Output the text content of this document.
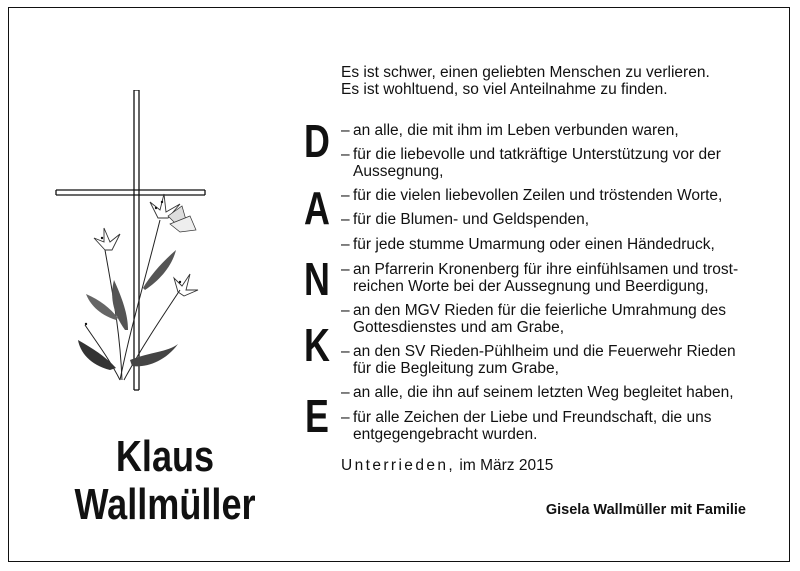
Klaus
Wallmüller
Es ist schwer, einen geliebten Menschen zu verlieren.
Es ist wohltuend, so viel Anteilnahme zu finden.
D
A
N
K
E
– an alle, die mit ihm im Leben verbunden waren,
– für die liebevolle und tatkräftige Unterstützung vor der
Aussegnung,
– für die vielen liebevollen Zeilen und tröstenden Worte,
– für die Blumen- und Geldspenden,
– für jede stumme Umarmung oder einen Händedruck,
– an Pfarrerin Kronenberg für ihre einfühlsamen und trost-
reichen Worte bei der Aussegnung und Beerdigung,
– an den MGV Rieden für die feierliche Umrahmung des
Gottesdienstes und am Grabe,
– an den SV Rieden-Pühlheim und die Feuerwehr Rieden
für die Begleitung zum Grabe,
– an alle, die ihn auf seinem letzten Weg begleitet haben,
– für alle Zeichen der Liebe und Freundschaft, die uns
entgegengebracht wurden.
Unterrieden, im März 2015
Gisela Wallmüller mit Familie
